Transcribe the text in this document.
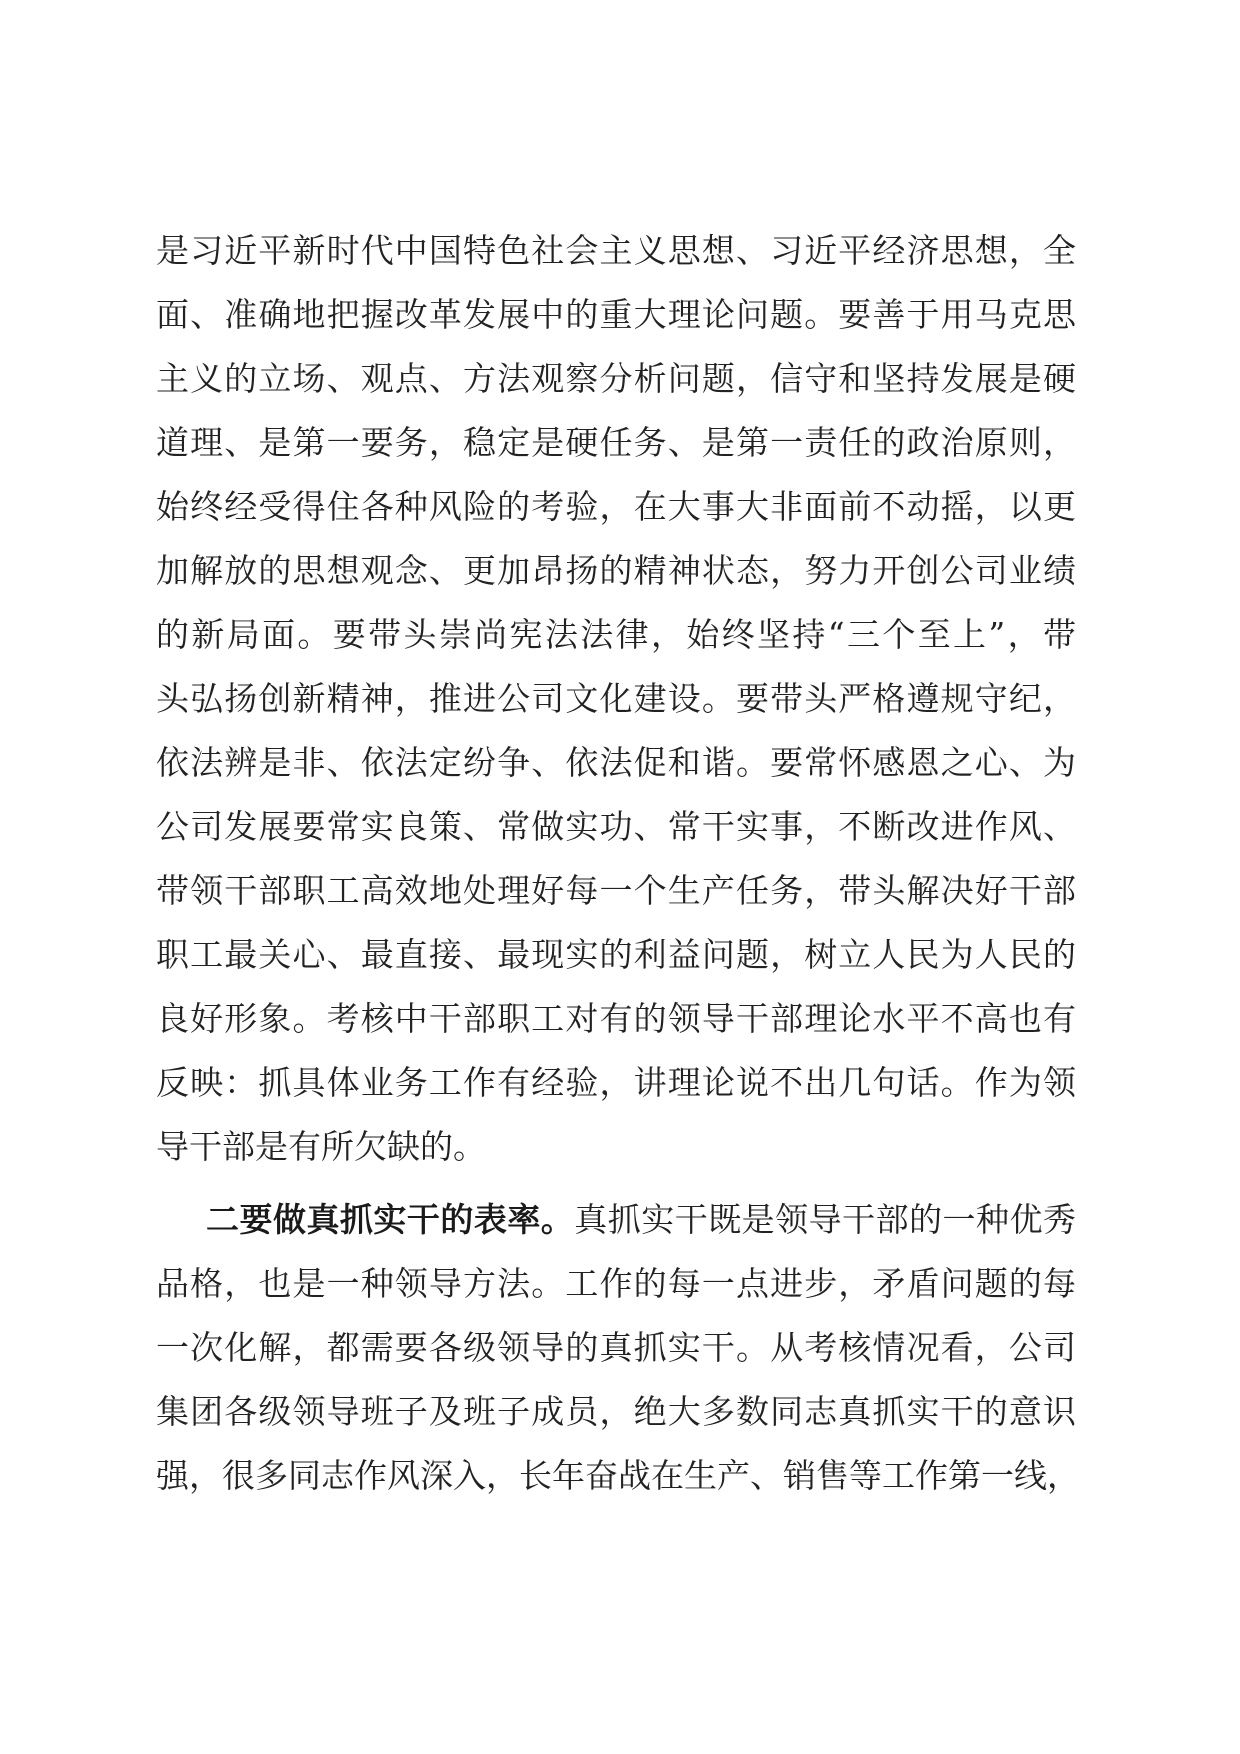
是习近平新时代中国特色社会主义思想、习近平经济思想，全
面、准确地把握改革发展中的重大理论问题。要善于用马克思
主义的立场、观点、方法观察分析问题，信守和坚持发展是硬
道理、是第一要务，稳定是硬任务、是第一责任的政治原则，
始终经受得住各种风险的考验，在大事大非面前不动摇，以更
加解放的思想观念、更加昂扬的精神状态，努力开创公司业绩
的新局面。要带头崇尚宪法法律，始终坚持“三个至上”，带
头弘扬创新精神，推进公司文化建设。要带头严格遵规守纪，
依法辨是非、依法定纷争、依法促和谐。要常怀感恩之心、为
公司发展要常实良策、常做实功、常干实事，不断改进作风、
带领干部职工高效地处理好每一个生产任务，带头解决好干部
职工最关心、最直接、最现实的利益问题，树立人民为人民的
良好形象。考核中干部职工对有的领导干部理论水平不高也有
反映：抓具体业务工作有经验，讲理论说不出几句话。作为领
导干部是有所欠缺的。
二要做真抓实干的表率。真抓实干既是领导干部的一种优秀
品格，也是一种领导方法。工作的每一点进步，矛盾问题的每
一次化解，都需要各级领导的真抓实干。从考核情况看，公司
集团各级领导班子及班子成员，绝大多数同志真抓实干的意识
强，很多同志作风深入，长年奋战在生产、销售等工作第一线，
